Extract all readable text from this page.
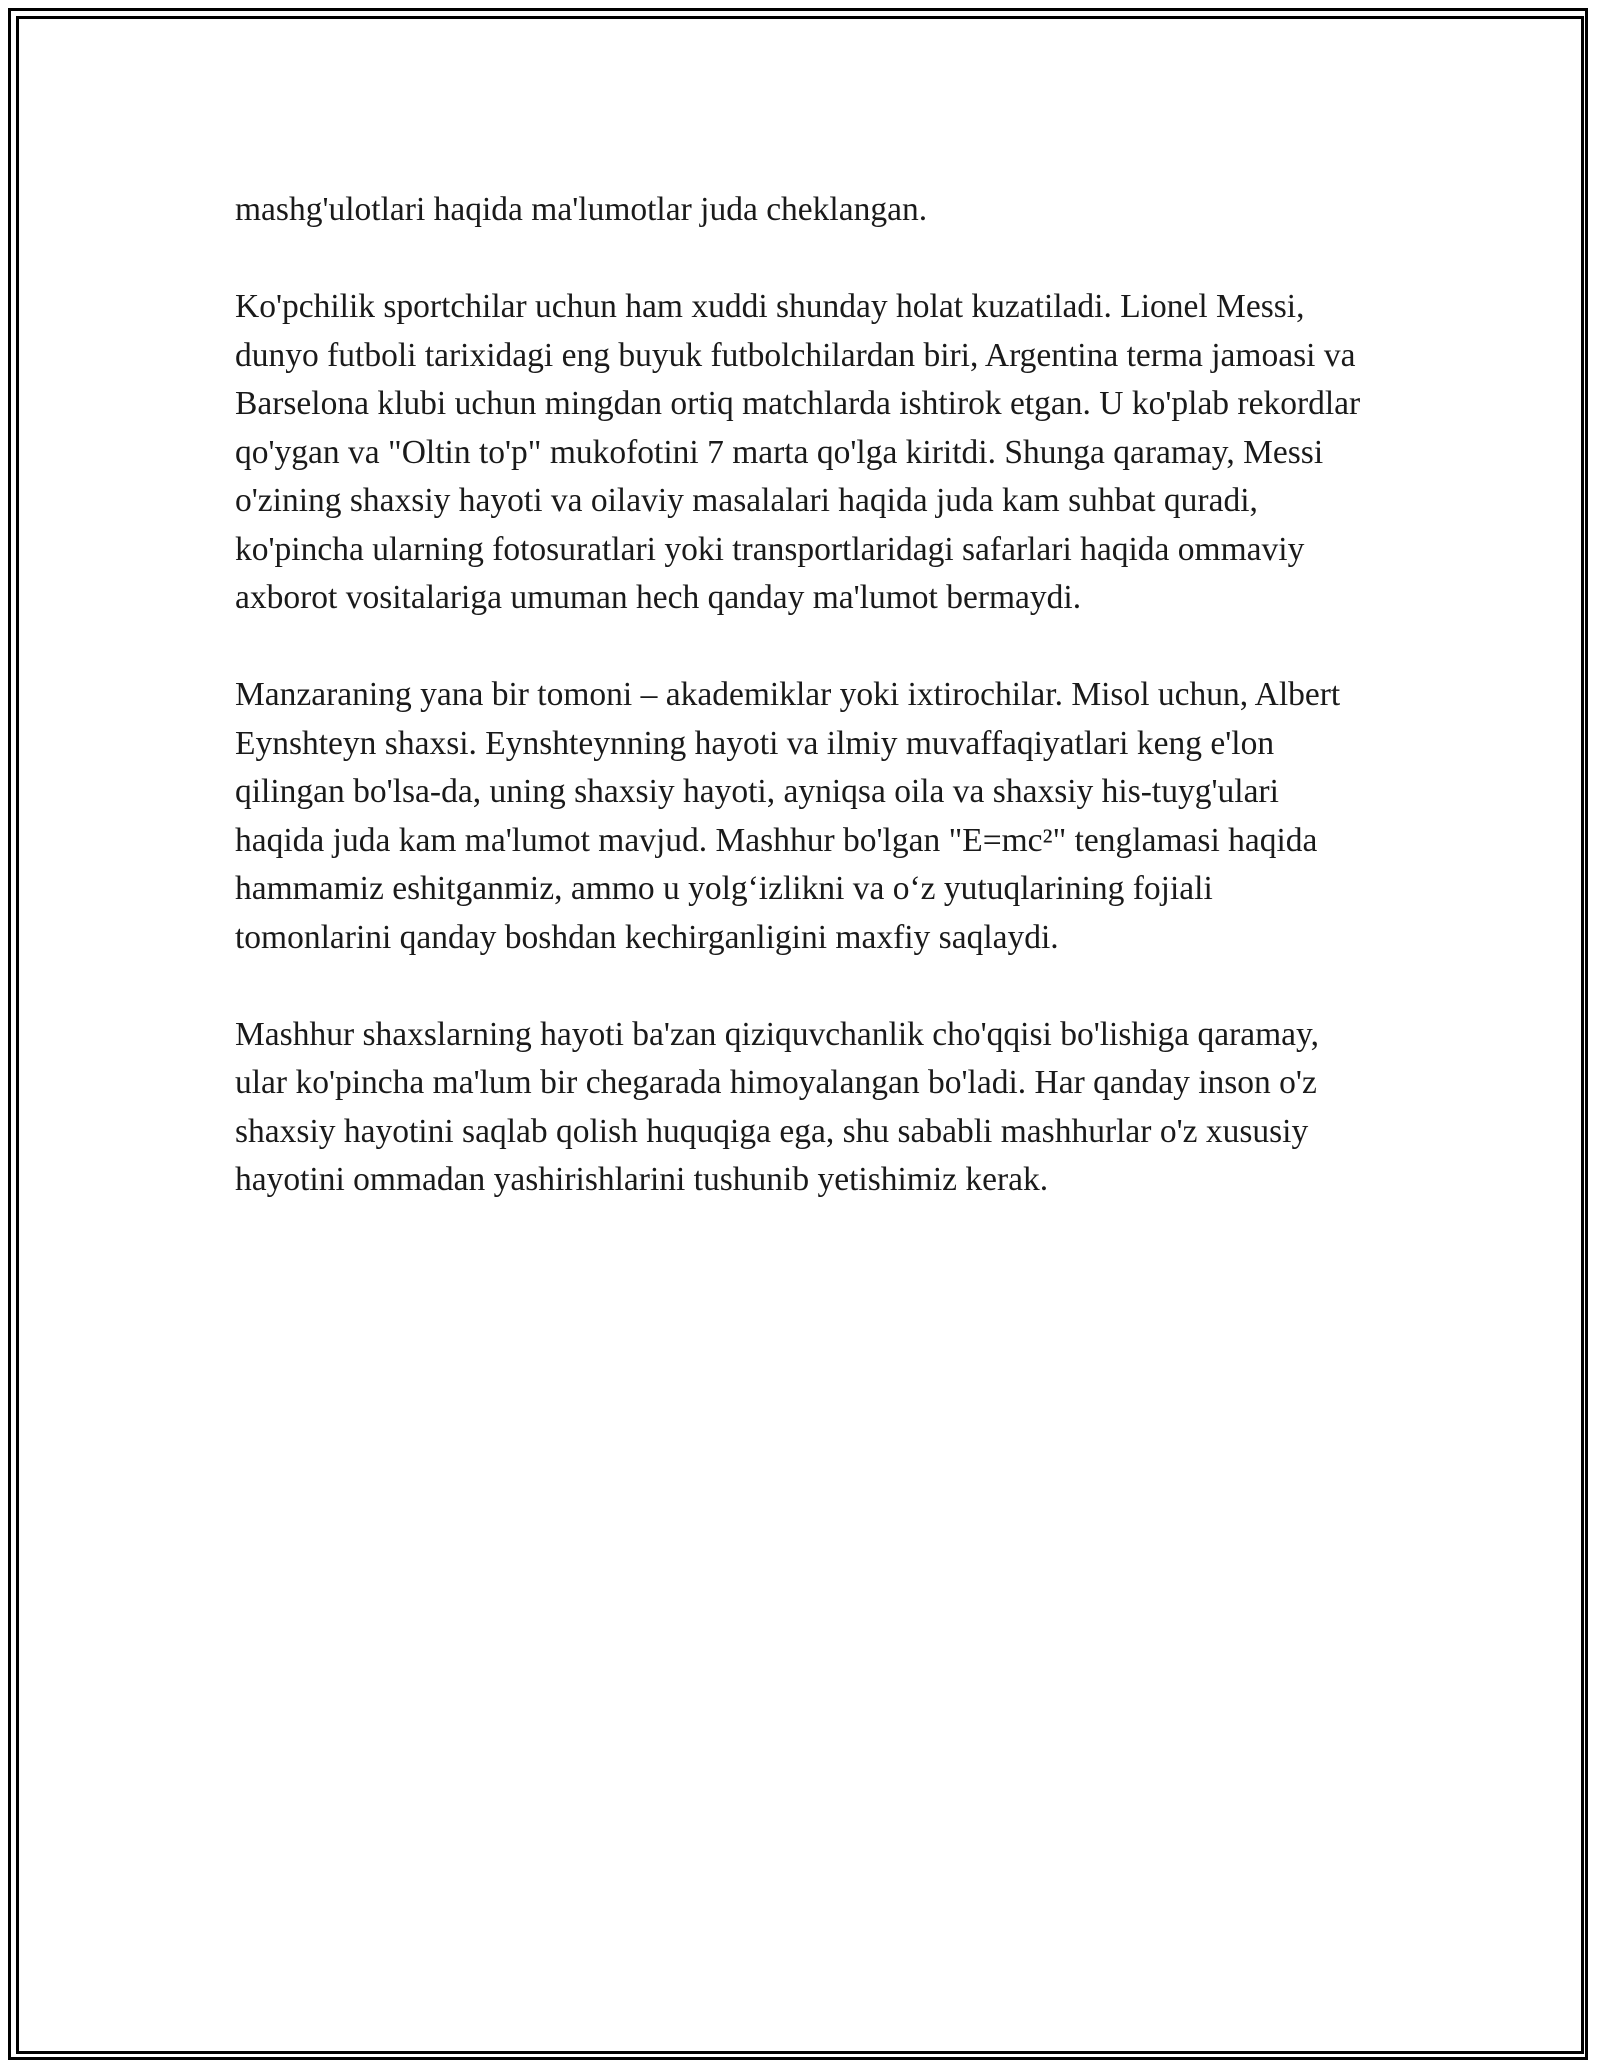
mashg'ulotlari haqida ma'lumotlar juda cheklangan.

Ko'pchilik sportchilar uchun ham xuddi shunday holat kuzatiladi. Lionel Messi, dunyo futboli tarixidagi eng buyuk futbolchilardan biri, Argentina terma jamoasi va Barselona klubi uchun mingdan ortiq matchlarda ishtirok etgan. U ko'plab rekordlar qo'ygan va "Oltin to'p" mukofotini 7 marta qo'lga kiritdi. Shunga qaramay, Messi o'zining shaxsiy hayoti va oilaviy masalalari haqida juda kam suhbat quradi, ko'pincha ularning fotosuratlari yoki transportlaridagi safarlari haqida ommaviy axborot vositalariga umuman hech qanday ma'lumot bermaydi.

Manzaraning yana bir tomoni – akademiklar yoki ixtirochilar. Misol uchun, Albert Eynshteyn shaxsi. Eynshteynning hayoti va ilmiy muvaffaqiyatlari keng e'lon qilingan bo'lsa-da, uning shaxsiy hayoti, ayniqsa oila va shaxsiy his-tuyg'ulari haqida juda kam ma'lumot mavjud. Mashhur bo'lgan "E=mc²" tenglamasi haqida hammamiz eshitganmiz, ammo u yolg‘izlikni va o‘z yutuqlarining fojiali tomonlarini qanday boshdan kechirganligini maxfiy saqlaydi.

Mashhur shaxslarning hayoti ba'zan qiziquvchanlik cho'qqisi bo'lishiga qaramay, ular ko'pincha ma'lum bir chegarada himoyalangan bo'ladi. Har qanday inson o'z shaxsiy hayotini saqlab qolish huquqiga ega, shu sababli mashhurlar o'z xususiy hayotini ommadan yashirishlarini tushunib yetishimiz kerak.
